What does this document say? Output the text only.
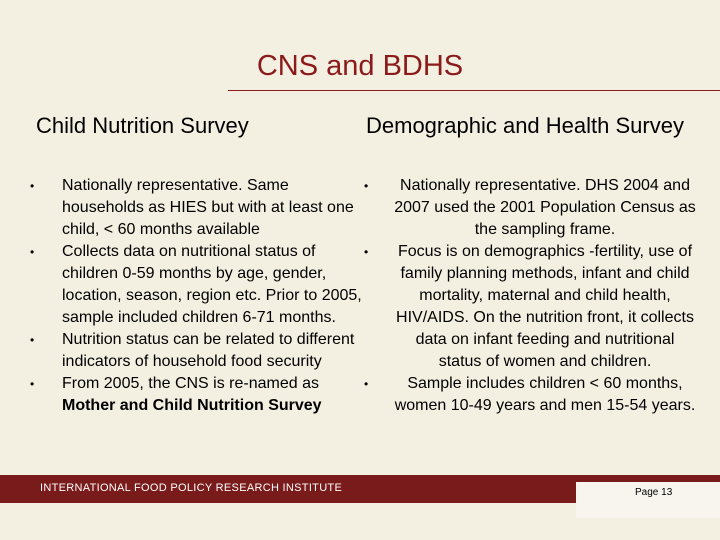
CNS and BDHS
Child Nutrition Survey	Demographic and Health Survey
• Nationally representative. Same households as HIES but with at least one child, < 60 months available
• Collects data on nutritional status of children 0-59 months by age, gender, location, season, region etc. Prior to 2005, sample included children 6-71 months.
• Nutrition status can be related to different indicators of household food security
• From 2005, the CNS is re-named as Mother and Child Nutrition Survey
• Nationally representative. DHS 2004 and 2007 used the 2001 Population Census as the sampling frame.
• Focus is on demographics -fertility, use of family planning methods, infant and child mortality, maternal and child health, HIV/AIDS. On the nutrition front, it collects data on infant feeding and nutritional status of women and children.
• Sample includes children < 60 months, women 10-49 years and men 15-54 years.
INTERNATIONAL FOOD POLICY RESEARCH INSTITUTE	Page 13
